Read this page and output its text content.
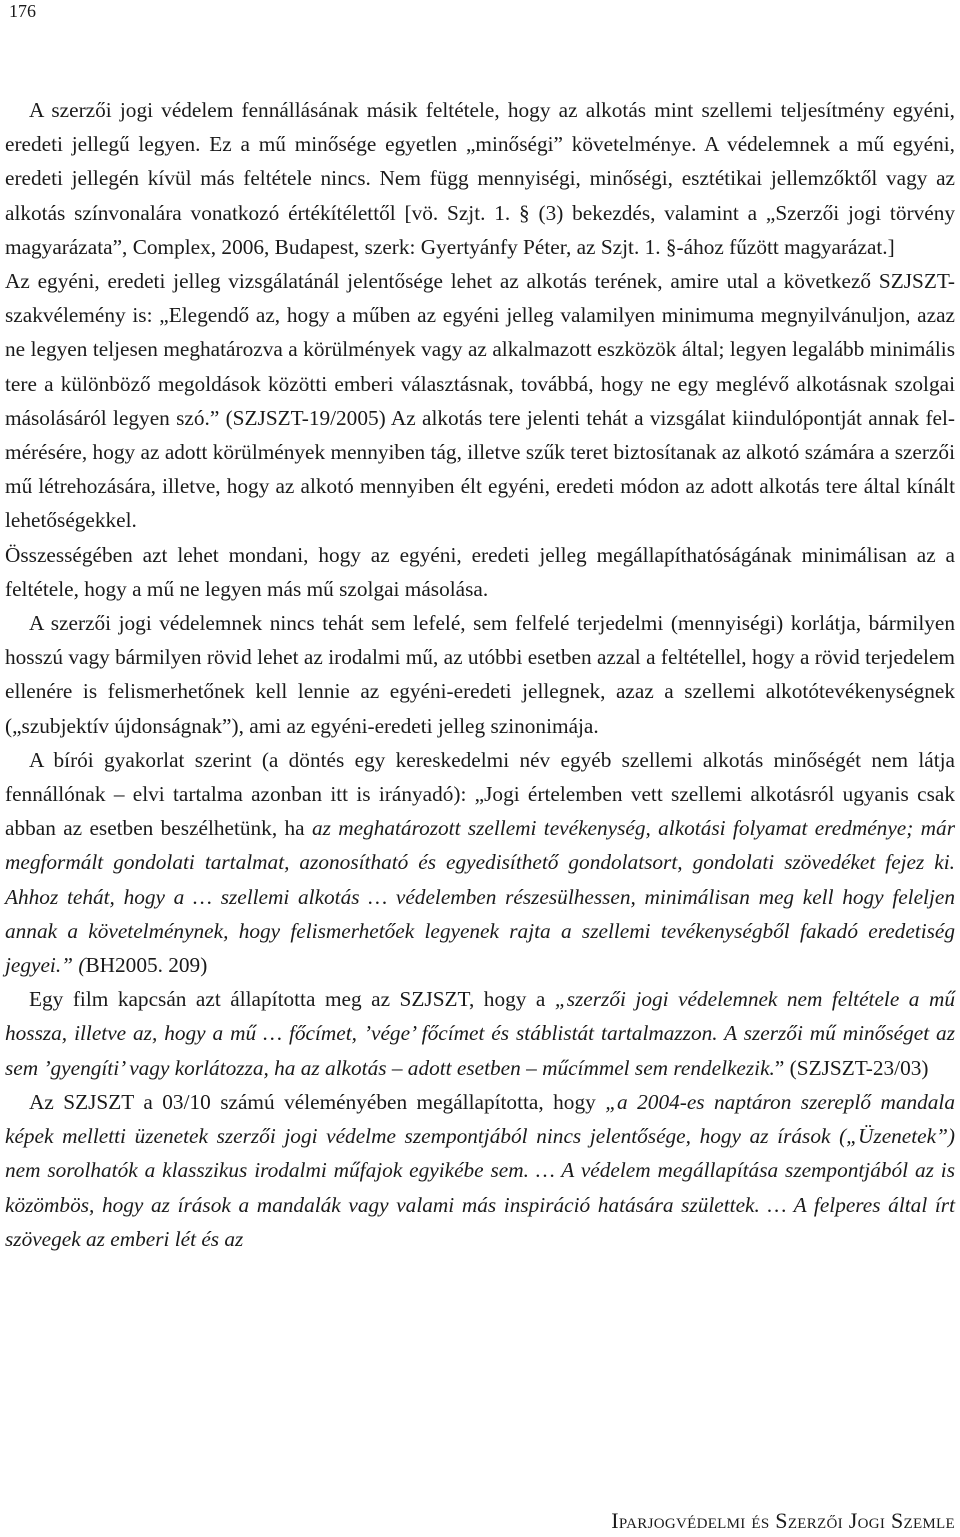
176

A szerzői jogi védelem fennállásának másik feltétele, hogy az alkotás mint szellemi teljesítmény egyéni, eredeti jellegű legyen. Ez a mű minősége egyetlen „minőségi” követelménye. A védelemnek a mű egyéni, eredeti jellegén kívül más feltétele nincs. Nem függ mennyiségi, minőségi, esztétikai jellemzőktől vagy az alkotás színvonalára vonatkozó értékítélettől [vö. Szjt. 1. § (3) bekezdés, valamint a „Szerzői jogi törvény magyarázata”, Complex, 2006, Budapest, szerk: Gyertyánfy Péter, az Szjt. 1. §-ához fűzött magyarázat.]

Az egyéni, eredeti jelleg vizsgálatánál jelentősége lehet az alkotás terének, amire utal a következő SZJSZT-szakvélemény is: „Elegendő az, hogy a műben az egyéni jelleg valamilyen minimuma megnyilvánuljon, azaz ne legyen teljesen meghatározva a körülmények vagy az alkalmazott eszközök által; legyen legalább minimális tere a különböző megoldások közötti emberi választásnak, továbbá, hogy ne egy meglévő alkotásnak szolgai másolásáról legyen szó.” (SZJSZT-19/2005) Az alkotás tere jelenti tehát a vizsgálat kiindulópontját annak felmérésére, hogy az adott körülmények mennyiben tág, illetve szűk teret biztosítanak az alkotó számára a szerzői mű létrehozására, illetve, hogy az alkotó mennyiben élt egyéni, eredeti módon az adott alkotás tere által kínált lehetőségekkel.

Összességében azt lehet mondani, hogy az egyéni, eredeti jelleg megállapíthatóságának minimálisan az a feltétele, hogy a mű ne legyen más mű szolgai másolása.

A szerzői jogi védelemnek nincs tehát sem lefelé, sem felfelé terjedelmi (mennyiségi) korlátja, bármilyen hosszú vagy bármilyen rövid lehet az irodalmi mű, az utóbbi esetben azzal a feltétellel, hogy a rövid terjedelem ellenére is felismerhetőnek kell lennie az egyéni-eredeti jellegnek, azaz a szellemi alkotótevékenységnek („szubjektív újdonságnak”), ami az egyéni-eredeti jelleg szinonimája.

A bírói gyakorlat szerint (a döntés egy kereskedelmi név egyéb szellemi alkotás minőségét nem látja fennállónak – elvi tartalma azonban itt is irányadó): „Jogi értelemben vett szellemi alkotásról ugyanis csak abban az esetben beszélhetünk, ha az meghatározott szellemi tevékenység, alkotási folyamat eredménye; már megformált gondolati tartalmat, azonosítható és egyedisíthető gondolatsort, gondolati szövedéket fejez ki. Ahhoz tehát, hogy a … szellemi alkotás … védelemben részesülhessen, minimálisan meg kell hogy feleljen annak a követelménynek, hogy felismerhetőek legyenek rajta a szellemi tevékenységből fakadó eredetiség jegyei.” (BH2005. 209)

Egy film kapcsán azt állapította meg az SZJSZT, hogy a „szerzői jogi védelemnek nem feltétele a mű hossza, illetve az, hogy a mű … főcímet, ’vége’ főcímet és stáblistát tartalmazzon. A szerzői mű minőséget az sem ’gyengíti’ vagy korlátozza, ha az alkotás – adott esetben – műcímmel sem rendelkezik.” (SZJSZT-23/03)

Az SZJSZT a 03/10 számú véleményében megállapította, hogy „a 2004-es naptáron szereplő mandala képek melletti üzenetek szerzői jogi védelme szempontjából nincs jelentősége, hogy az írások („Üzenetek”) nem sorolhatók a klasszikus irodalmi műfajok egyikébe sem. … A védelem megállapítása szempontjából az is közömbös, hogy az írások a mandalák vagy valami más inspiráció hatására születtek. … A felperes által írt szövegek az emberi lét és az

Iparjogvédelmi és Szerzői Jogi Szemle
